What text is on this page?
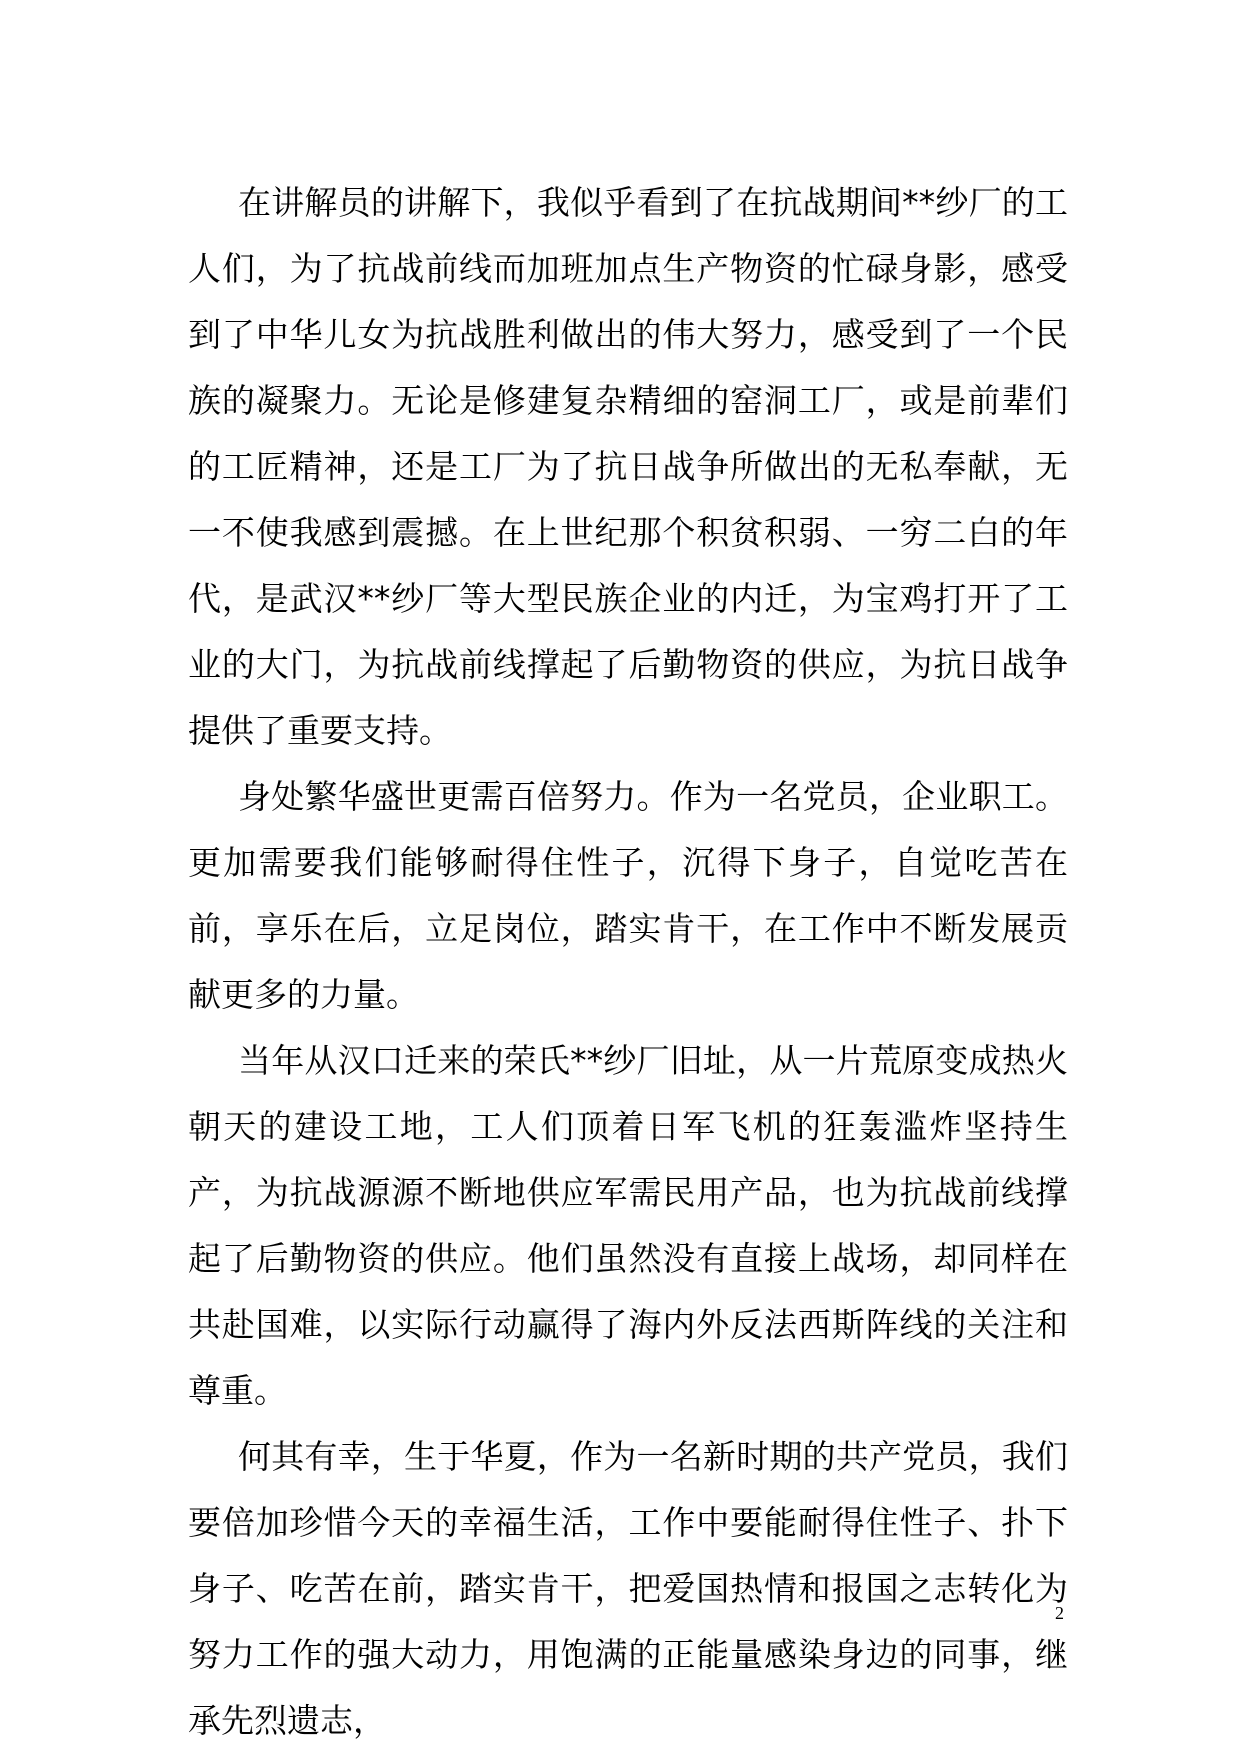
在讲解员的讲解下，我似乎看到了在抗战期间**纱厂的工人们，为了抗战前线而加班加点生产物资的忙碌身影，感受到了中华儿女为抗战胜利做出的伟大努力，感受到了一个民族的凝聚力。无论是修建复杂精细的窑洞工厂，或是前辈们的工匠精神，还是工厂为了抗日战争所做出的无私奉献，无一不使我感到震撼。在上世纪那个积贫积弱、一穷二白的年代，是武汉**纱厂等大型民族企业的内迁，为宝鸡打开了工业的大门，为抗战前线撑起了后勤物资的供应，为抗日战争提供了重要支持。

身处繁华盛世更需百倍努力。作为一名党员，企业职工。更加需要我们能够耐得住性子，沉得下身子，自觉吃苦在前，享乐在后，立足岗位，踏实肯干，在工作中不断发展贡献更多的力量。

当年从汉口迁来的荣氏**纱厂旧址，从一片荒原变成热火朝天的建设工地，工人们顶着日军飞机的狂轰滥炸坚持生产，为抗战源源不断地供应军需民用产品，也为抗战前线撑起了后勤物资的供应。他们虽然没有直接上战场，却同样在共赴国难，以实际行动赢得了海内外反法西斯阵线的关注和尊重。

何其有幸，生于华夏，作为一名新时期的共产党员，我们要倍加珍惜今天的幸福生活，工作中要能耐得住性子、扑下身子、吃苦在前，踏实肯干，把爱国热情和报国之志转化为努力工作的强大动力，用饱满的正能量感染身边的同事，继承先烈遗志，

2
